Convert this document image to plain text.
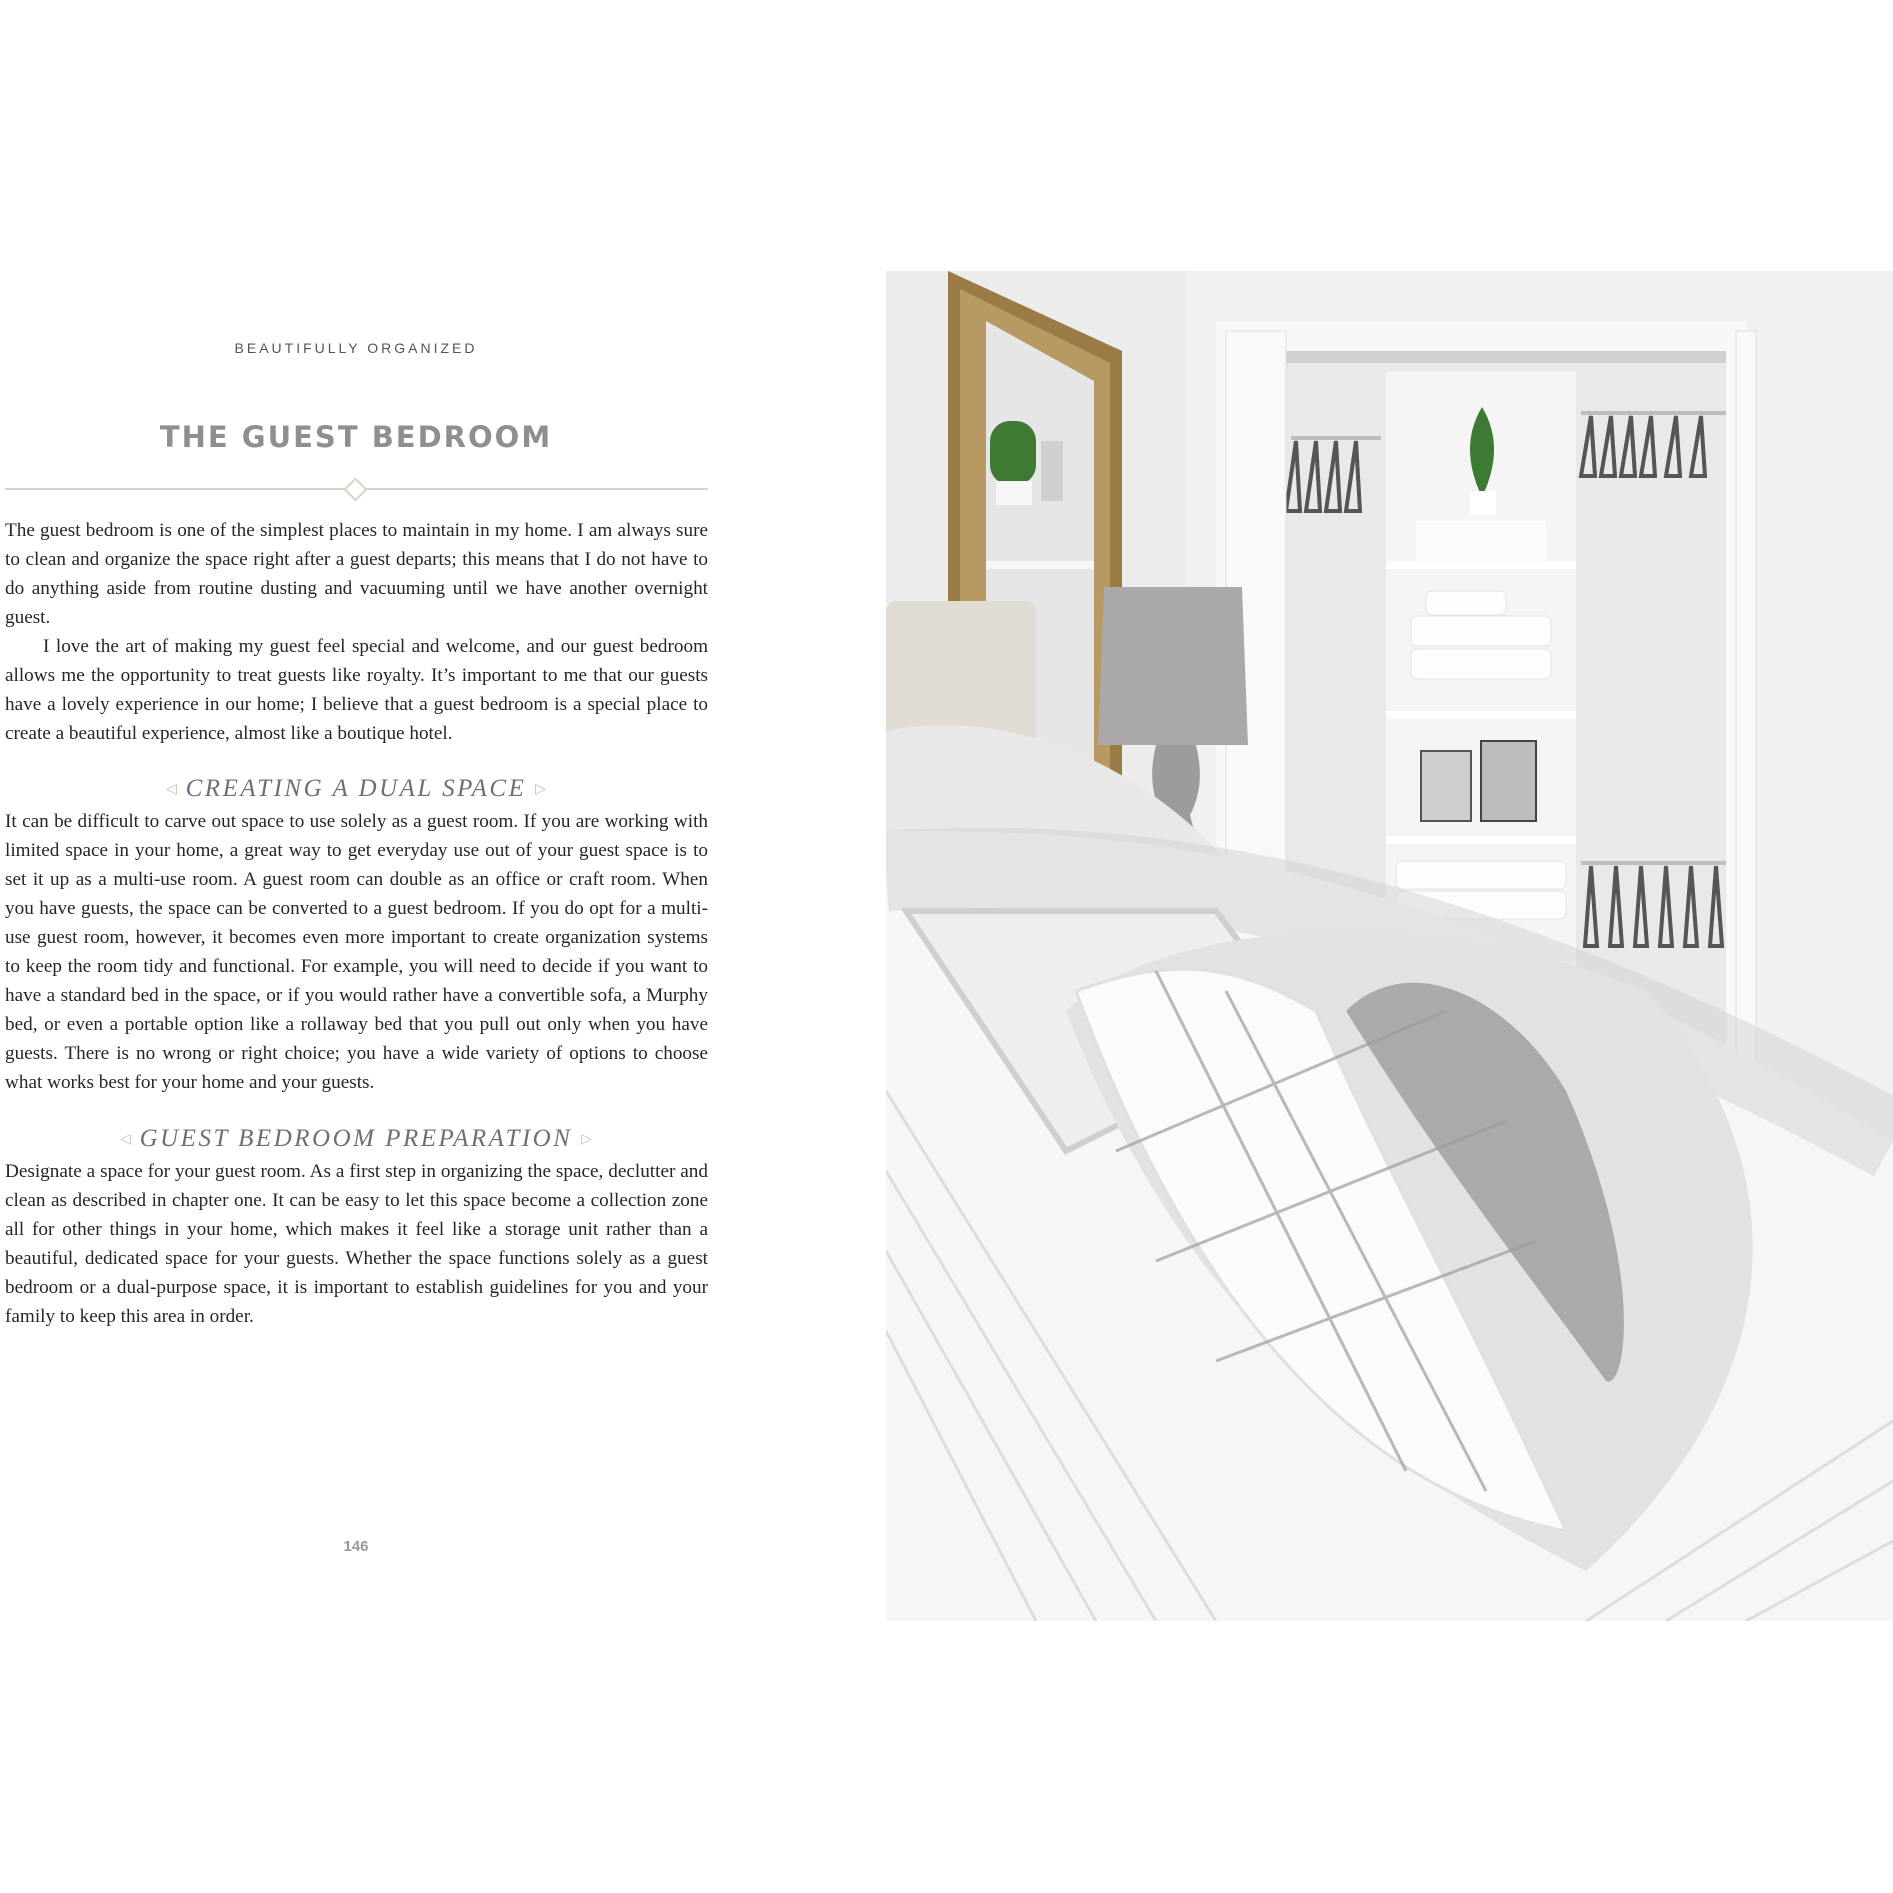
BEAUTIFULLY ORGANIZED
THE GUEST BEDROOM

The guest bedroom is one of the simplest places to maintain in my home. I am always sure to clean and organize the space right after a guest departs; this means that I do not have to do anything aside from routine dusting and vacuuming until we have another overnight guest.

I love the art of making my guest feel special and welcome, and our guest bedroom allows me the opportunity to treat guests like royalty. It’s important to me that our guests have a lovely experience in our home; I believe that a guest bedroom is a special place to create a beautiful experience, almost like a boutique hotel.

◁ CREATING A DUAL SPACE ▷

It can be difficult to carve out space to use solely as a guest room. If you are working with limited space in your home, a great way to get everyday use out of your guest space is to set it up as a multi-use room. A guest room can double as an office or craft room. When you have guests, the space can be converted to a guest bedroom. If you do opt for a multi-use guest room, however, it becomes even more important to create organization systems to keep the room tidy and functional. For example, you will need to decide if you want to have a standard bed in the space, or if you would rather have a convertible sofa, a Murphy bed, or even a portable option like a rollaway bed that you pull out only when you have guests. There is no wrong or right choice; you have a wide variety of options to choose what works best for your home and your guests.

◁ GUEST BEDROOM PREPARATION ▷

Designate a space for your guest room. As a first step in organizing the space, declutter and clean as described in chapter one. It can be easy to let this space become a collection zone all for other things in your home, which makes it feel like a storage unit rather than a beautiful, dedicated space for your guests. Whether the space functions solely as a guest bedroom or a dual-purpose space, it is important to establish guidelines for you and your family to keep this area in order.

146
